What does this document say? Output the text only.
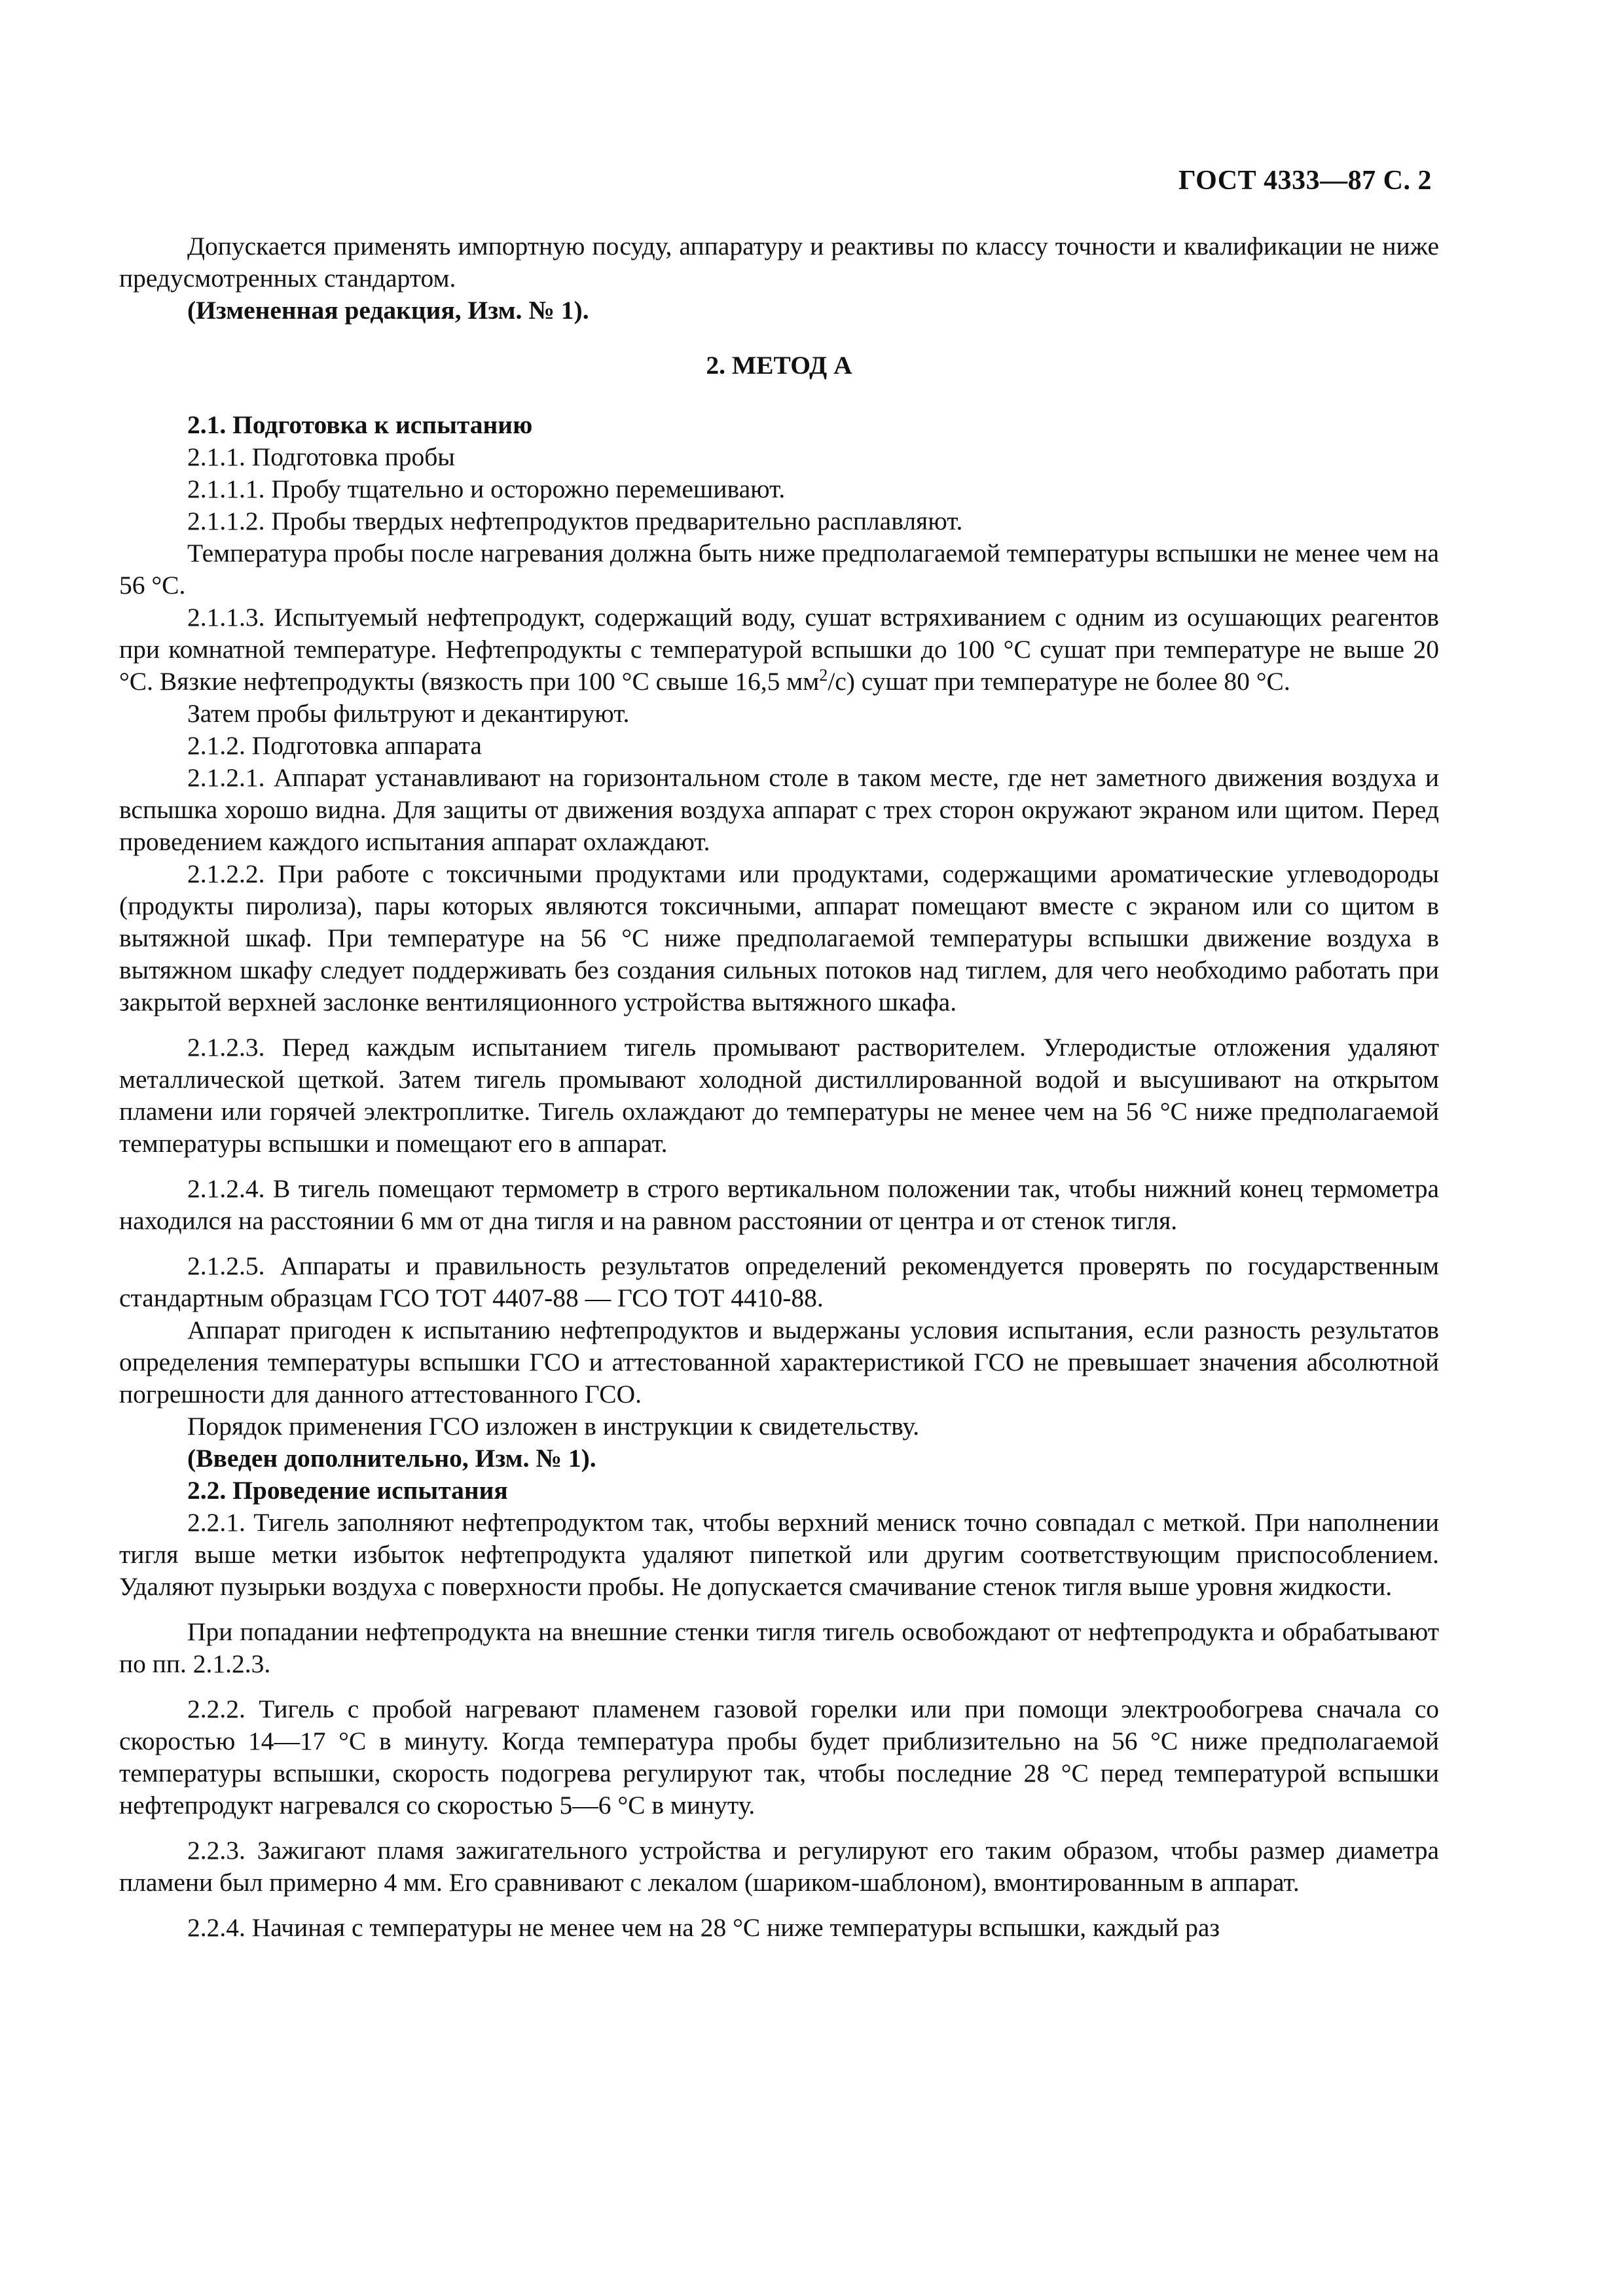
ГОСТ 4333—87 С. 2

Допускается применять импортную посуду, аппаратуру и реактивы по классу точности и квалификации не ниже предусмотренных стандартом.

(Измененная редакция, Изм. № 1).

2. МЕТОД А

2.1. Подготовка к испытанию

2.1.1. Подготовка пробы

2.1.1.1. Пробу тщательно и осторожно перемешивают.

2.1.1.2. Пробы твердых нефтепродуктов предварительно расплавляют.

Температура пробы после нагревания должна быть ниже предполагаемой температуры вспышки не менее чем на 56 °С.

2.1.1.3. Испытуемый нефтепродукт, содержащий воду, сушат встряхиванием с одним из осушающих реагентов при комнатной температуре. Нефтепродукты с температурой вспышки до 100 °С сушат при температуре не выше 20 °С. Вязкие нефтепродукты (вязкость при 100 °С свыше 16,5 $мм^2/с$) сушат при температуре не более 80 °С.

Затем пробы фильтруют и декантируют.

2.1.2. Подготовка аппарата

2.1.2.1. Аппарат устанавливают на горизонтальном столе в таком месте, где нет заметного движения воздуха и вспышка хорошо видна. Для защиты от движения воздуха аппарат с трех сторон окружают экраном или щитом. Перед проведением каждого испытания аппарат охлаждают.

2.1.2.2. При работе с токсичными продуктами или продуктами, содержащими ароматические углеводороды (продукты пиролиза), пары которых являются токсичными, аппарат помещают вместе с экраном или со щитом в вытяжной шкаф. При температуре на 56 °С ниже предполагаемой температуры вспышки движение воздуха в вытяжном шкафу следует поддерживать без создания сильных потоков над тиглем, для чего необходимо работать при закрытой верхней заслонке вентиляционного устройства вытяжного шкафа.

2.1.2.3. Перед каждым испытанием тигель промывают растворителем. Углеродистые отложения удаляют металлической щеткой. Затем тигель промывают холодной дистиллированной водой и высушивают на открытом пламени или горячей электроплитке. Тигель охлаждают до температуры не менее чем на 56 °С ниже предполагаемой температуры вспышки и помещают его в аппарат.

2.1.2.4. В тигель помещают термометр в строго вертикальном положении так, чтобы нижний конец термометра находился на расстоянии 6 мм от дна тигля и на равном расстоянии от центра и от стенок тигля.

2.1.2.5. Аппараты и правильность результатов определений рекомендуется проверять по государственным стандартным образцам ГСО ТОТ 4407-88 — ГСО ТОТ 4410-88.

Аппарат пригоден к испытанию нефтепродуктов и выдержаны условия испытания, если разность результатов определения температуры вспышки ГСО и аттестованной характеристикой ГСО не превышает значения абсолютной погрешности для данного аттестованного ГСО.

Порядок применения ГСО изложен в инструкции к свидетельству.

(Введен дополнительно, Изм. № 1).

2.2. Проведение испытания

2.2.1. Тигель заполняют нефтепродуктом так, чтобы верхний мениск точно совпадал с меткой. При наполнении тигля выше метки избыток нефтепродукта удаляют пипеткой или другим соответствующим приспособлением. Удаляют пузырьки воздуха с поверхности пробы. Не допускается смачивание стенок тигля выше уровня жидкости.

При попадании нефтепродукта на внешние стенки тигля тигель освобождают от нефтепродукта и обрабатывают по пп. 2.1.2.3.

2.2.2. Тигель с пробой нагревают пламенем газовой горелки или при помощи электрообогрева сначала со скоростью 14—17 °С в минуту. Когда температура пробы будет приблизительно на 56 °С ниже предполагаемой температуры вспышки, скорость подогрева регулируют так, чтобы последние 28 °С перед температурой вспышки нефтепродукт нагревался со скоростью 5—6 °С в минуту.

2.2.3. Зажигают пламя зажигательного устройства и регулируют его таким образом, чтобы размер диаметра пламени был примерно 4 мм. Его сравнивают с лекалом (шариком-шаблоном), вмонтированным в аппарат.

2.2.4. Начиная с температуры не менее чем на 28 °С ниже температуры вспышки, каждый раз
